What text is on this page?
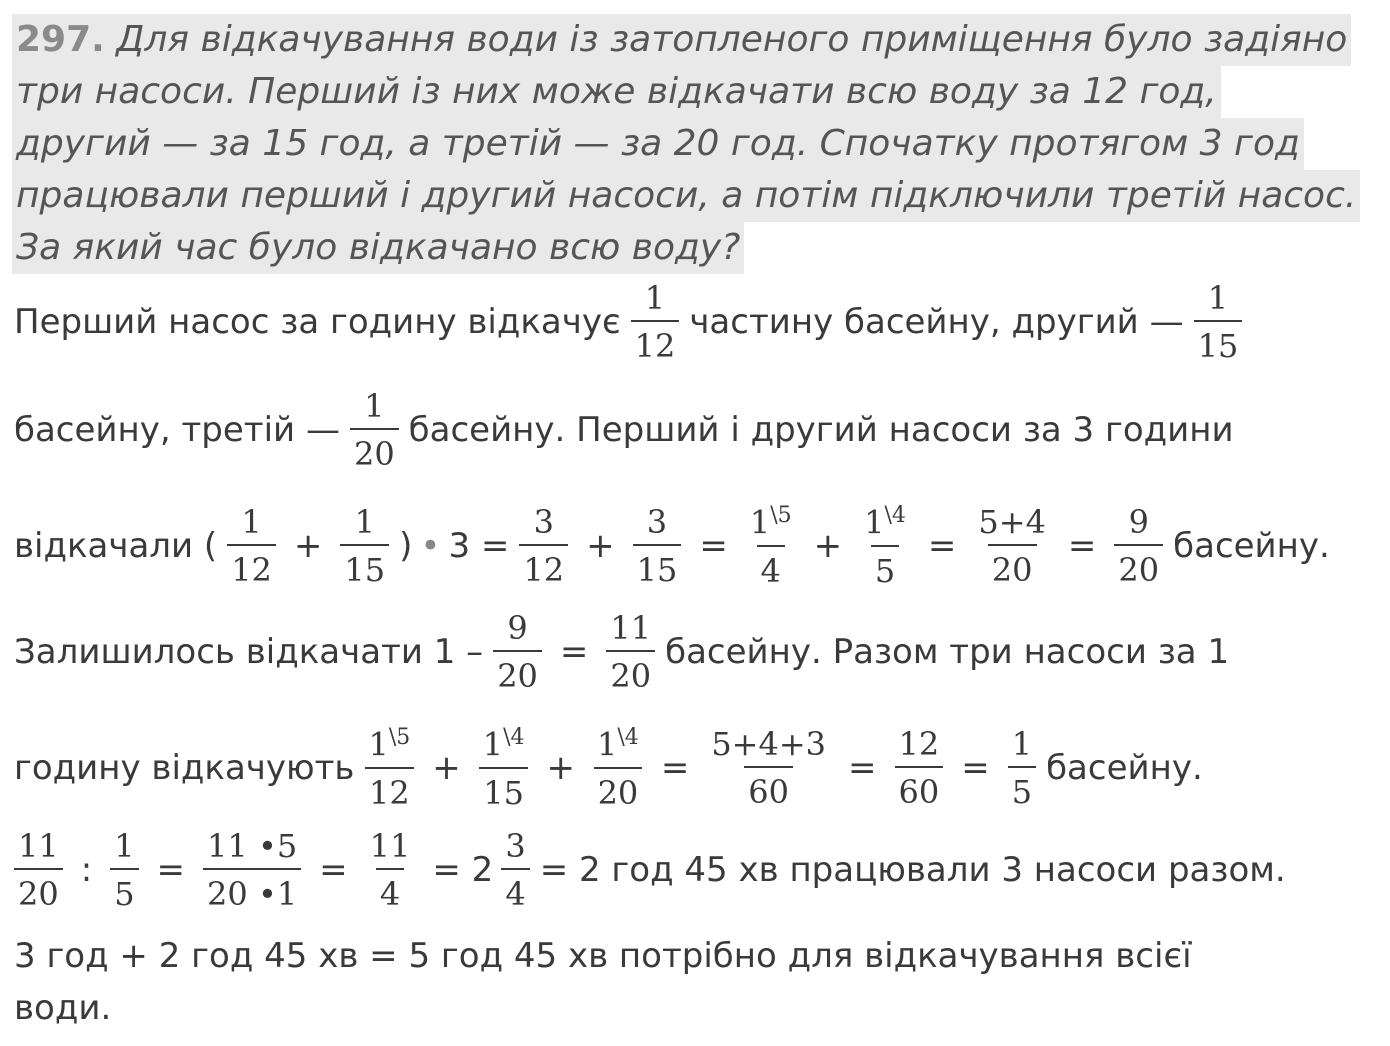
297. Для відкачування води із затопленого приміщення було задіяно
три насоси. Перший із них може відкачати всю воду за 12 год,
другий — за 15 год, а третій — за 20 год. Спочатку протягом 3 год
працювали перший і другий насоси, а потім підключили третій насос.
За який час було відкачано всю воду?
Перший насос за годину відкачує $\frac{1}{12}$ частину басейну, другий — $\frac{1}{15}$
басейну, третій — $\frac{1}{20}$ басейну. Перший і другий насоси за 3 години
відкачали ( $\frac{1}{12} + \frac{1}{15}$ ) • $3 = \frac{3}{12} + \frac{3}{15} = \frac{1^{\backslash 5}}{4} + \frac{1^{\backslash 4}}{5} = \frac{5+4}{20} = \frac{9}{20}$ басейну.
Залишилось відкачати $1 - \frac{9}{20} = \frac{11}{20}$ басейну. Разом три насоси за 1
годину відкачують $\frac{1^{\backslash 5}}{12} + \frac{1^{\backslash 4}}{15} + \frac{1^{\backslash 4}}{20} = \frac{5+4+3}{60} = \frac{12}{60} = \frac{1}{5}$ басейну.
$\frac{11}{20}$ : $\frac{1}{5} = \frac{11 •5}{20 •1} = \frac{11}{4} = 2 \frac{3}{4} = 2$ год 45 хв працювали 3 насоси разом.
3 год + 2 год 45 хв = 5 год 45 хв потрібно для відкачування всієї
води.
